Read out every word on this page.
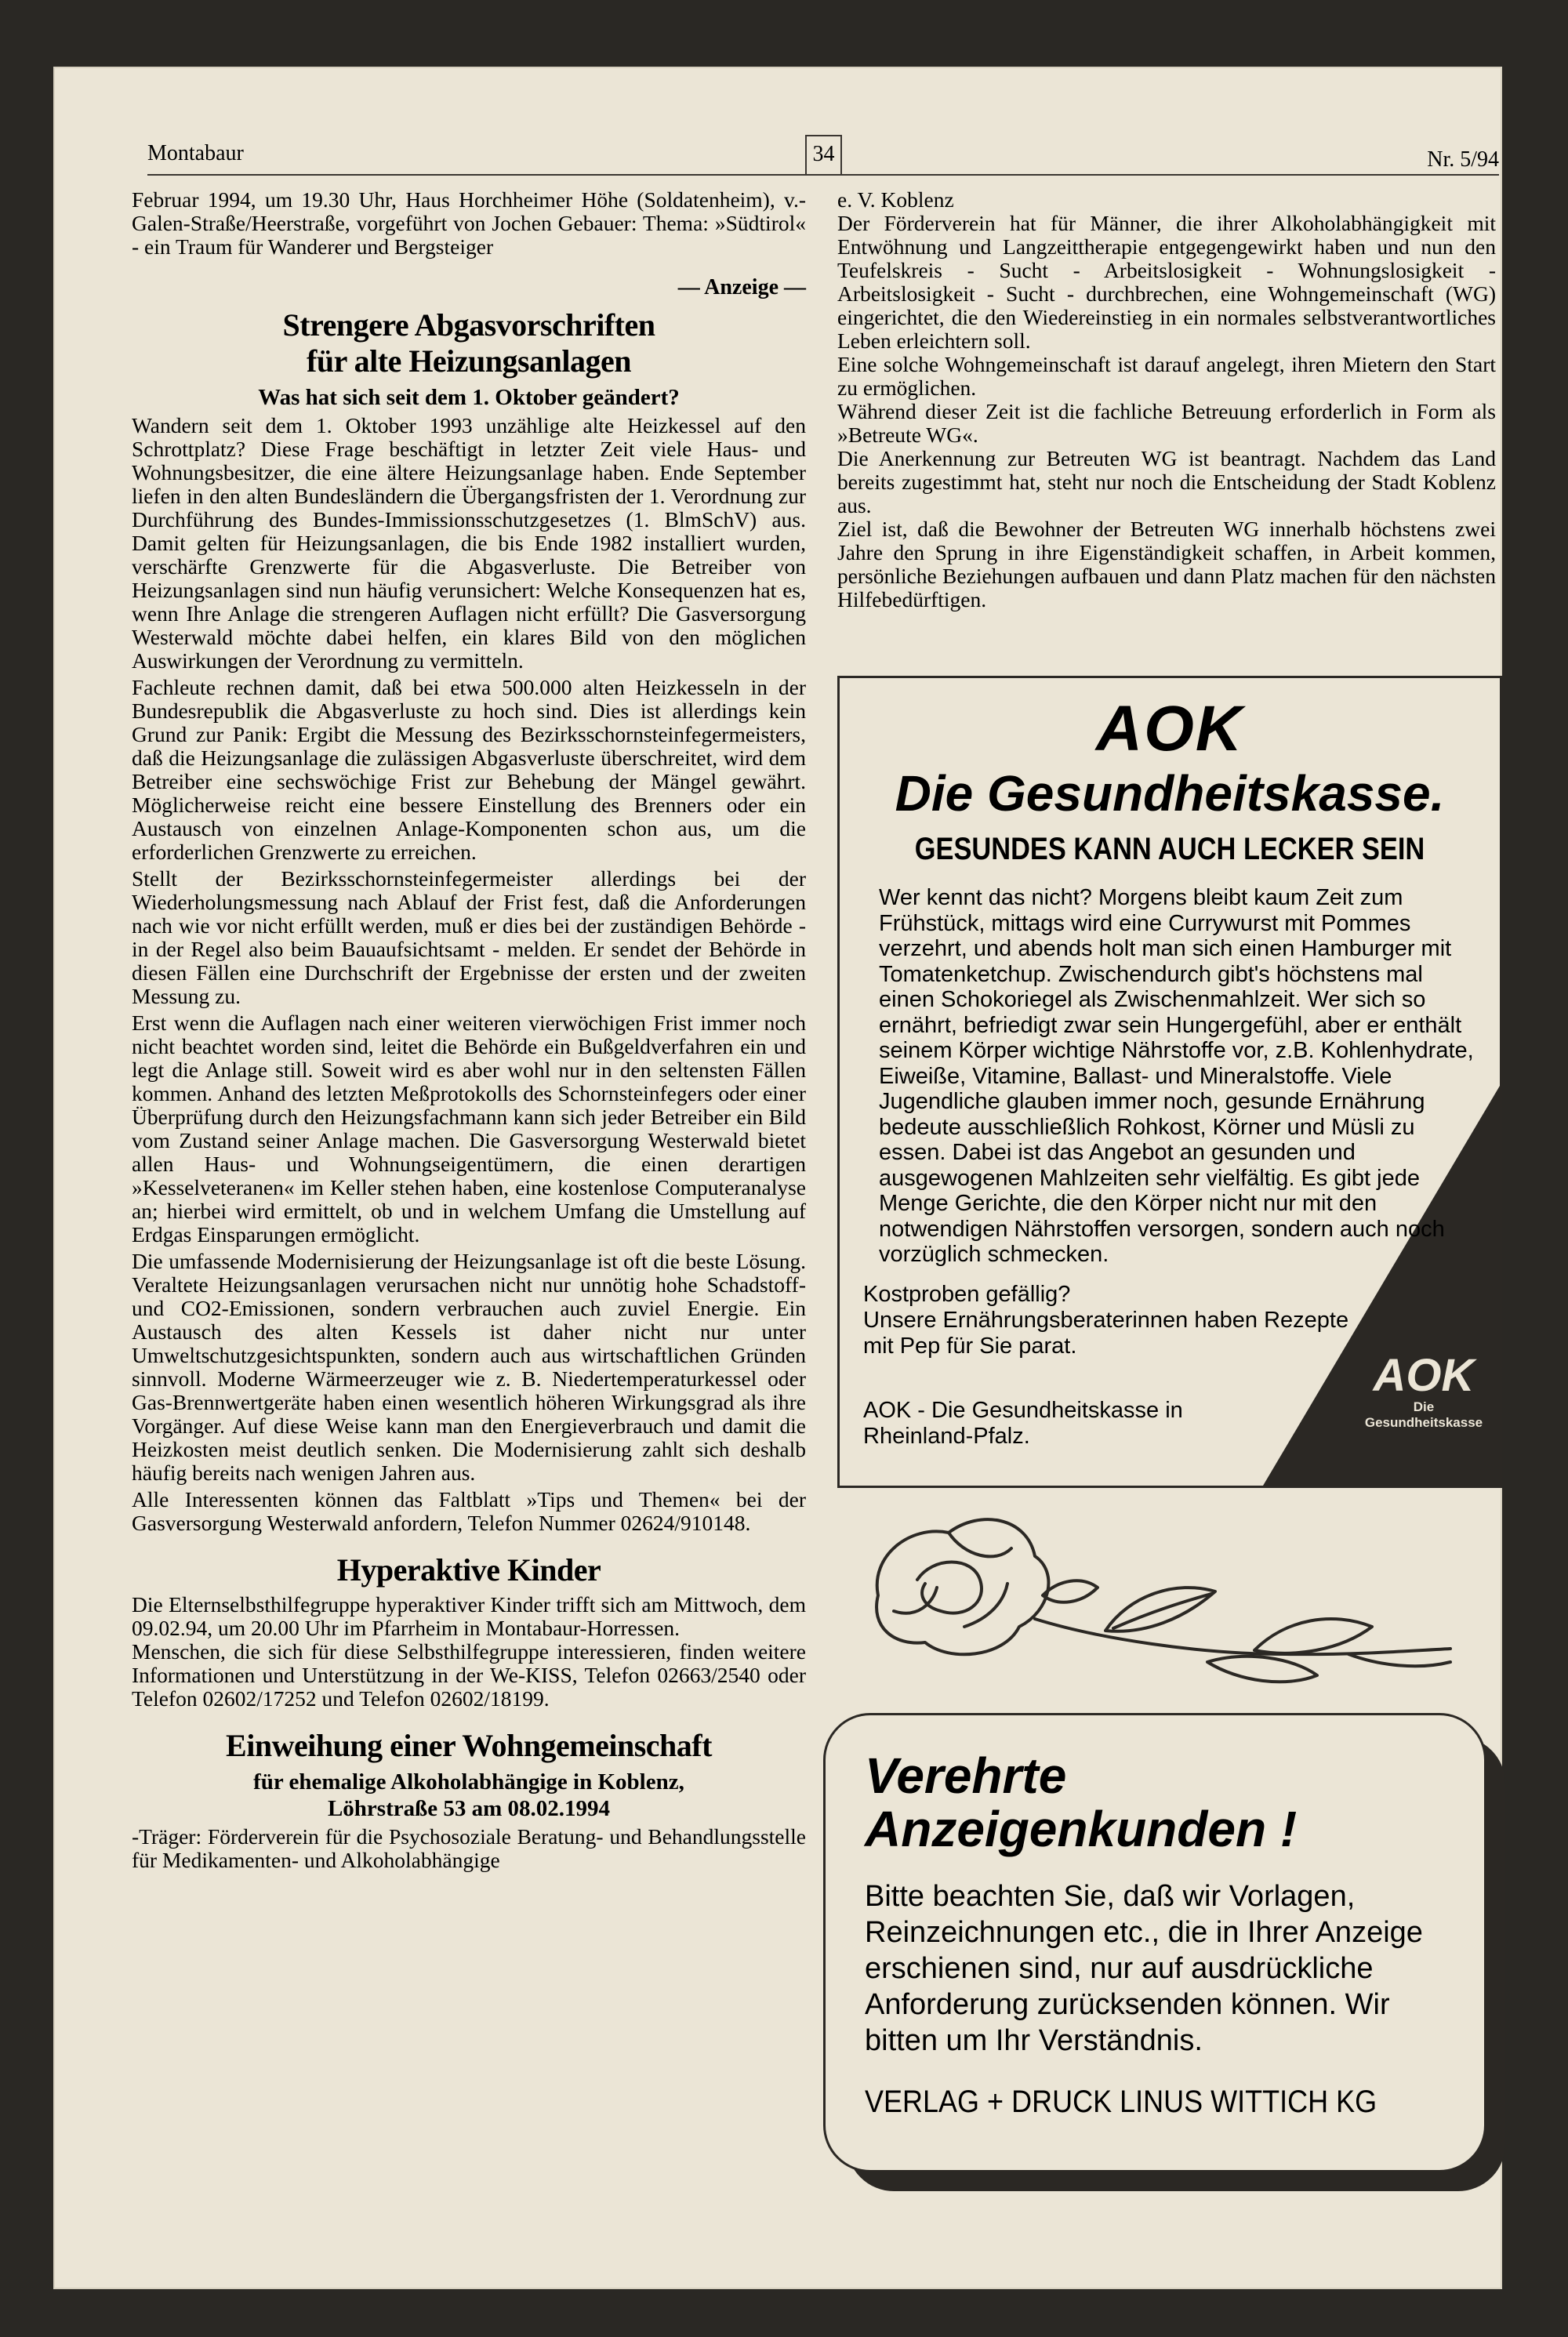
Montabaur	34	Nr. 5/94

Februar 1994, um 19.30 Uhr, Haus Horchheimer Höhe (Soldatenheim), v.-Galen-Straße/Heerstraße, vorgeführt von Jochen Gebauer: Thema: »Südtirol« - ein Traum für Wanderer und Bergsteiger

— Anzeige —
Strengere Abgasvorschriften
für alte Heizungsanlagen
Was hat sich seit dem 1. Oktober geändert?

Wandern seit dem 1. Oktober 1993 unzählige alte Heizkessel auf den Schrottplatz? Diese Frage beschäftigt in letzter Zeit viele Haus- und Wohnungsbesitzer, die eine ältere Heizungsanlage haben. Ende September liefen in den alten Bundesländern die Übergangsfristen der 1. Verordnung zur Durchführung des Bundes-Immissionsschutzgesetzes (1. BlmSchV) aus. Damit gelten für Heizungsanlagen, die bis Ende 1982 installiert wurden, verschärfte Grenzwerte für die Abgasverluste. Die Betreiber von Heizungsanlagen sind nun häufig verunsichert: Welche Konsequenzen hat es, wenn Ihre Anlage die strengeren Auflagen nicht erfüllt? Die Gasversorgung Westerwald möchte dabei helfen, ein klares Bild von den möglichen Auswirkungen der Verordnung zu vermitteln.

Fachleute rechnen damit, daß bei etwa 500.000 alten Heizkesseln in der Bundesrepublik die Abgasverluste zu hoch sind. Dies ist allerdings kein Grund zur Panik: Ergibt die Messung des Bezirksschornsteinfegermeisters, daß die Heizungsanlage die zulässigen Abgasverluste überschreitet, wird dem Betreiber eine sechswöchige Frist zur Behebung der Mängel gewährt. Möglicherweise reicht eine bessere Einstellung des Brenners oder ein Austausch von einzelnen Anlage-Komponenten schon aus, um die erforderlichen Grenzwerte zu erreichen.

Stellt der Bezirksschornsteinfegermeister allerdings bei der Wiederholungsmessung nach Ablauf der Frist fest, daß die Anforderungen nach wie vor nicht erfüllt werden, muß er dies bei der zuständigen Behörde - in der Regel also beim Bauaufsichtsamt - melden. Er sendet der Behörde in diesen Fällen eine Durchschrift der Ergebnisse der ersten und der zweiten Messung zu.

Erst wenn die Auflagen nach einer weiteren vierwöchigen Frist immer noch nicht beachtet worden sind, leitet die Behörde ein Bußgeldverfahren ein und legt die Anlage still. Soweit wird es aber wohl nur in den seltensten Fällen kommen. Anhand des letzten Meßprotokolls des Schornsteinfegers oder einer Überprüfung durch den Heizungsfachmann kann sich jeder Betreiber ein Bild vom Zustand seiner Anlage machen. Die Gasversorgung Westerwald bietet allen Haus- und Wohnungseigentümern, die einen derartigen »Kesselveteranen« im Keller stehen haben, eine kostenlose Computeranalyse an; hierbei wird ermittelt, ob und in welchem Umfang die Umstellung auf Erdgas Einsparungen ermöglicht.

Die umfassende Modernisierung der Heizungsanlage ist oft die beste Lösung. Veraltete Heizungsanlagen verursachen nicht nur unnötig hohe Schadstoff- und CO2-Emissionen, sondern verbrauchen auch zuviel Energie. Ein Austausch des alten Kessels ist daher nicht nur unter Umweltschutzgesichtspunkten, sondern auch aus wirtschaftlichen Gründen sinnvoll. Moderne Wärmeerzeuger wie z. B. Niedertemperaturkessel oder Gas-Brennwertgeräte haben einen wesentlich höheren Wirkungsgrad als ihre Vorgänger. Auf diese Weise kann man den Energieverbrauch und damit die Heizkosten meist deutlich senken. Die Modernisierung zahlt sich deshalb häufig bereits nach wenigen Jahren aus.

Alle Interessenten können das Faltblatt »Tips und Themen« bei der Gasversorgung Westerwald anfordern, Telefon Nummer 02624/910148.

Hyperaktive Kinder

Die Elternselbsthilfegruppe hyperaktiver Kinder trifft sich am Mittwoch, dem 09.02.94, um 20.00 Uhr im Pfarrheim in Montabaur-Horressen.

Menschen, die sich für diese Selbsthilfegruppe interessieren, finden weitere Informationen und Unterstützung in der We-KISS, Telefon 02663/2540 oder Telefon 02602/17252 und Telefon 02602/18199.

Einweihung einer Wohngemeinschaft
für ehemalige Alkoholabhängige in Koblenz,
Löhrstraße 53 am 08.02.1994

-Träger: Förderverein für die Psychosoziale Beratung- und Behandlungsstelle für Medikamenten- und Alkoholabhängige

e. V. Koblenz

Der Förderverein hat für Männer, die ihrer Alkoholabhängigkeit mit Entwöhnung und Langzeittherapie entgegengewirkt haben und nun den Teufelskreis - Sucht - Arbeitslosigkeit - Wohnungslosigkeit - Arbeitslosigkeit - Sucht - durchbrechen, eine Wohngemeinschaft (WG) eingerichtet, die den Wiedereinstieg in ein normales selbstverantwortliches Leben erleichtern soll.

Eine solche Wohngemeinschaft ist darauf angelegt, ihren Mietern den Start zu ermöglichen.

Während dieser Zeit ist die fachliche Betreuung erforderlich in Form als »Betreute WG«.

Die Anerkennung zur Betreuten WG ist beantragt. Nachdem das Land bereits zugestimmt hat, steht nur noch die Entscheidung der Stadt Koblenz aus.

Ziel ist, daß die Bewohner der Betreuten WG innerhalb höchstens zwei Jahre den Sprung in ihre Eigenständigkeit schaffen, in Arbeit kommen, persönliche Beziehungen aufbauen und dann Platz machen für den nächsten Hilfebedürftigen.

AOK
Die Gesundheitskasse.
GESUNDES KANN AUCH LECKER SEIN
Wer kennt das nicht? Morgens bleibt kaum Zeit zum Frühstück, mittags wird eine Currywurst mit Pommes verzehrt, und abends holt man sich einen Hamburger mit Tomatenketchup. Zwischendurch gibt's höchstens mal einen Schokoriegel als Zwischenmahlzeit. Wer sich so ernährt, befriedigt zwar sein Hungergefühl, aber er enthält seinem Körper wichtige Nährstoffe vor, z.B. Kohlenhydrate, Eiweiße, Vitamine, Ballast- und Mineralstoffe. Viele Jugendliche glauben immer noch, gesunde Ernährung bedeute ausschließlich Rohkost, Körner und Müsli zu essen. Dabei ist das Angebot an gesunden und ausgewogenen Mahlzeiten sehr vielfältig. Es gibt jede Menge Gerichte, die den Körper nicht nur mit den notwendigen Nährstoffen versorgen, sondern auch noch vorzüglich schmecken.
Kostproben gefällig?
Unsere Ernährungsberaterinnen haben Rezepte mit Pep für Sie parat.
AOK - Die Gesundheitskasse in Rheinland-Pfalz.
AOK
Die Gesundheitskasse
Verehrte
Anzeigenkunden !
Bitte beachten Sie, daß wir Vorlagen, Reinzeichnungen etc., die in Ihrer Anzeige erschienen sind, nur auf ausdrückliche Anforderung zurücksenden können. Wir bitten um Ihr Verständnis.
VERLAG + DRUCK LINUS WITTICH KG
